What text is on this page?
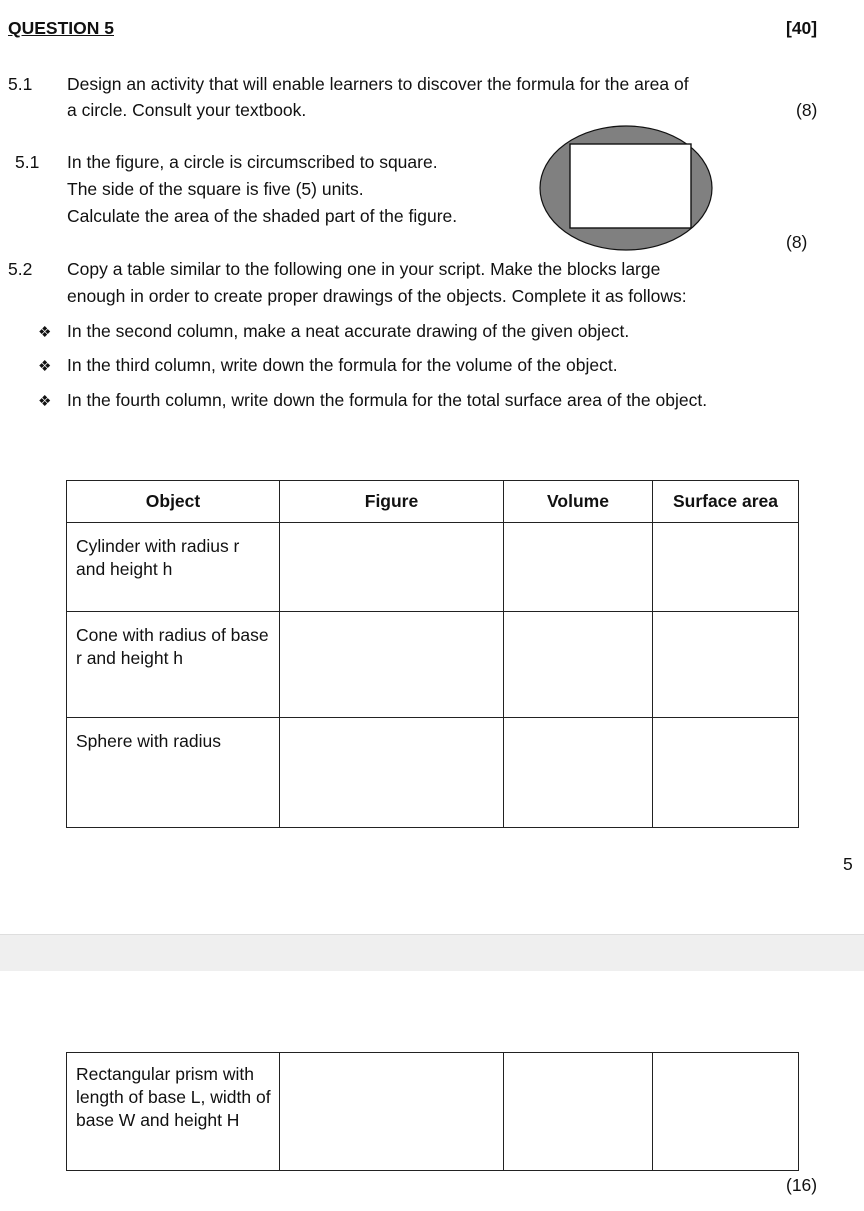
QUESTION 5	[40]
5.1 Design an activity that will enable learners to discover the formula for the area of
a circle. Consult your textbook.	(8)
5.1 In the figure, a circle is circumscribed to square.
The side of the square is five (5) units.
Calculate the area of the shaded part of the figure.
(8)
5.2 Copy a table similar to the following one in your script. Make the blocks large
enough in order to create proper drawings of the objects. Complete it as follows:
❖ In the second column, make a neat accurate drawing of the given object.
❖ In the third column, write down the formula for the volume of the object.
❖ In the fourth column, write down the formula for the total surface area of the object.
Object	Figure	Volume	Surface area

Cylinder with radius r and height h			

Cone with radius of base r and height h			

Sphere with radius			

5
Rectangular prism with length of base L, width of base W and height H

(16)
